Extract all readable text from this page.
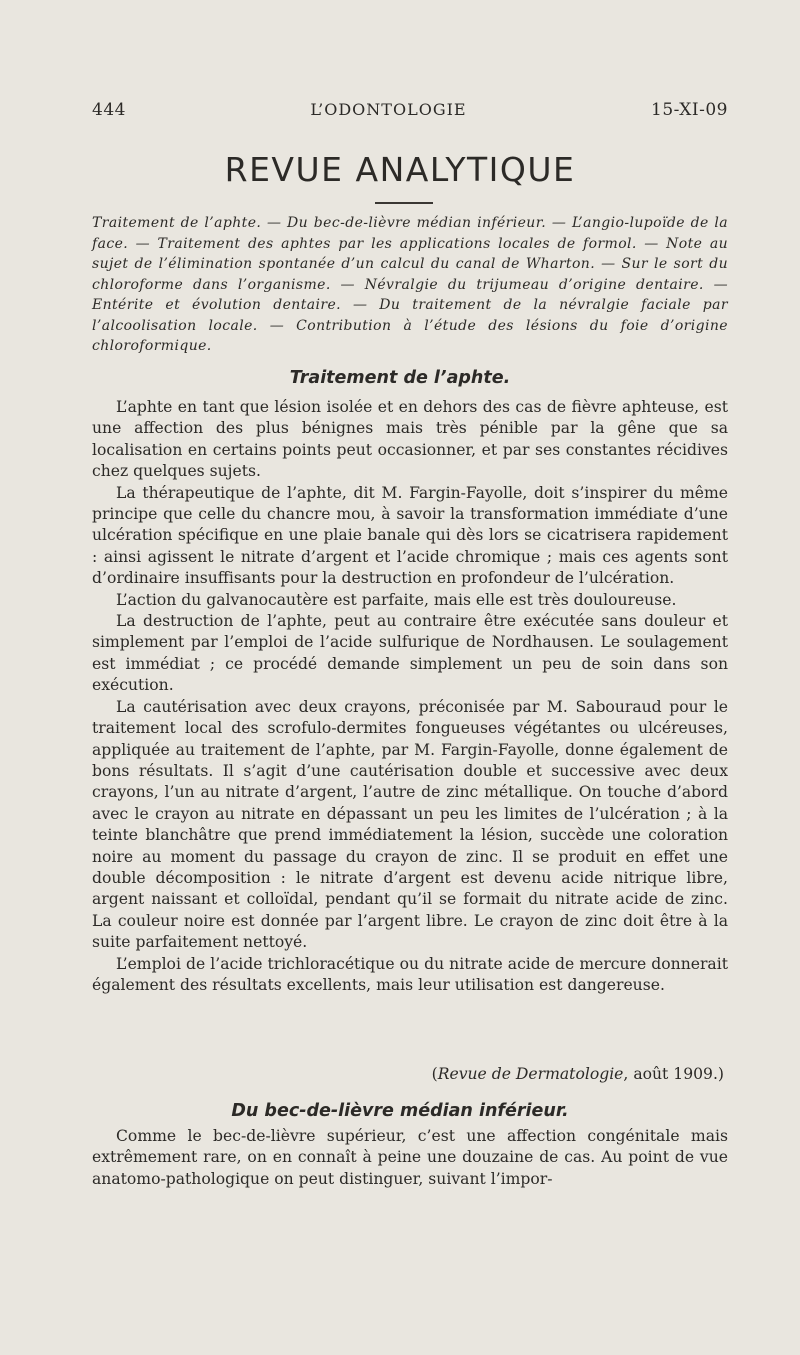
444	L’ODONTOLOGIE	15-XI-09
REVUE ANALYTIQUE
Traitement de l’aphte. — Du bec-de-lièvre médian inférieur. — L’angio-lupoïde de la face. — Traitement des aphtes par les applications locales de formol. — Note au sujet de l’élimination spontanée d’un calcul du canal de Wharton. — Sur le sort du chloroforme dans l’organisme. — Névralgie du trijumeau d’origine dentaire. — Entérite et évolution dentaire. — Du traitement de la névralgie faciale par l’alcoolisation locale. — Contribution à l’étude des lésions du foie d’origine chloroformique.
Traitement de l’aphte.

L’aphte en tant que lésion isolée et en dehors des cas de fièvre aphteuse, est une affection des plus bénignes mais très pénible par la gêne que sa localisation en certains points peut occasionner, et par ses constantes récidives chez quelques sujets.

La thérapeutique de l’aphte, dit M. Fargin-Fayolle, doit s’inspirer du même principe que celle du chancre mou, à savoir la transformation immédiate d’une ulcération spécifique en une plaie banale qui dès lors se cicatrisera rapidement : ainsi agissent le nitrate d’argent et l’acide chromique ; mais ces agents sont d’ordinaire insuffisants pour la destruction en profondeur de l’ulcération.

L’action du galvanocautère est parfaite, mais elle est très douloureuse.

La destruction de l’aphte, peut au contraire être exécutée sans douleur et simplement par l’emploi de l’acide sulfurique de Nordhausen. Le soulagement est immédiat ; ce procédé demande simplement un peu de soin dans son exécution.

La cautérisation avec deux crayons, préconisée par M. Sabouraud pour le traitement local des scrofulo-dermites fongueuses végétantes ou ulcéreuses, appliquée au traitement de l’aphte, par M. Fargin-Fayolle, donne également de bons résultats. Il s’agit d’une cautérisation double et successive avec deux crayons, l’un au nitrate d’argent, l’autre de zinc métallique. On touche d’abord avec le crayon au nitrate en dépassant un peu les limites de l’ulcération ; à la teinte blanchâtre que prend immédiatement la lésion, succède une coloration noire au moment du passage du crayon de zinc. Il se produit en effet une double décomposition : le nitrate d’argent est devenu acide nitrique libre, argent naissant et colloïdal, pendant qu’il se formait du nitrate acide de zinc. La couleur noire est donnée par l’argent libre. Le crayon de zinc doit être à la suite parfaitement nettoyé.

L’emploi de l’acide trichloracétique ou du nitrate acide de mercure donnerait également des résultats excellents, mais leur utilisation est dangereuse.

(Revue de Dermatologie, août 1909.)
Du bec-de-lièvre médian inférieur.

Comme le bec-de-lièvre supérieur, c’est une affection congénitale mais extrêmement rare, on en connaît à peine une douzaine de cas. Au point de vue anatomo-pathologique on peut distinguer, suivant l’impor-
